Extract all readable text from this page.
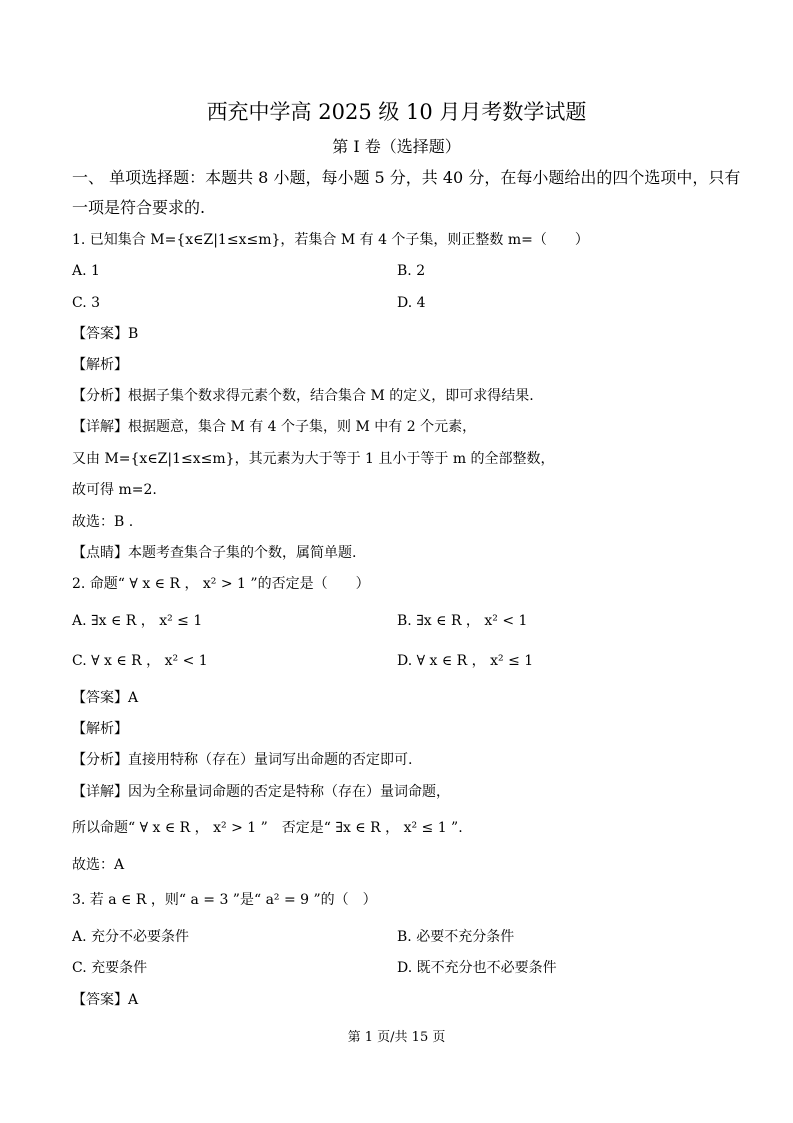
西充中学高 2025 级 10 月月考数学试题
第 I 卷（选择题）
一、 单项选择题：本题共 8 小题，每小题 5 分，共 40 分，在每小题给出的四个选项中，只有
一项是符合要求的.
1. 已知集合 M={x∈Z|1≤x≤m}，若集合 M 有 4 个子集，则正整数 m=（　　）
A. 1	B. 2
C. 3	D. 4
【答案】B
【解析】
【分析】根据子集个数求得元素个数，结合集合 M 的定义，即可求得结果.
【详解】根据题意，集合 M 有 4 个子集，则 M 中有 2 个元素，
又由 M={x∈Z|1≤x≤m}，其元素为大于等于 1 且小于等于 m 的全部整数，
故可得 m=2.
故选：B .
【点睛】本题考查集合子集的个数，属简单题.
2. 命题“ ∀ x ∈ R ， x² > 1 ”的否定是（　　）
A. ∃x ∈ R ， x² ≤ 1	B. ∃x ∈ R ， x² < 1
C. ∀ x ∈ R ， x² < 1	D. ∀ x ∈ R ， x² ≤ 1
【答案】A
【解析】
【分析】直接用特称（存在）量词写出命题的否定即可.
【详解】因为全称量词命题的否定是特称（存在）量词命题，
所以命题“ ∀ x ∈ R ， x² > 1 ”　否定是“ ∃x ∈ R ， x² ≤ 1 ”.
故选：A
3. 若 a ∈ R ，则“ a = 3 ”是“ a² = 9 ”的（　）
A. 充分不必要条件	B. 必要不充分条件
C. 充要条件	D. 既不充分也不必要条件
【答案】A
第 1 页/共 15 页
